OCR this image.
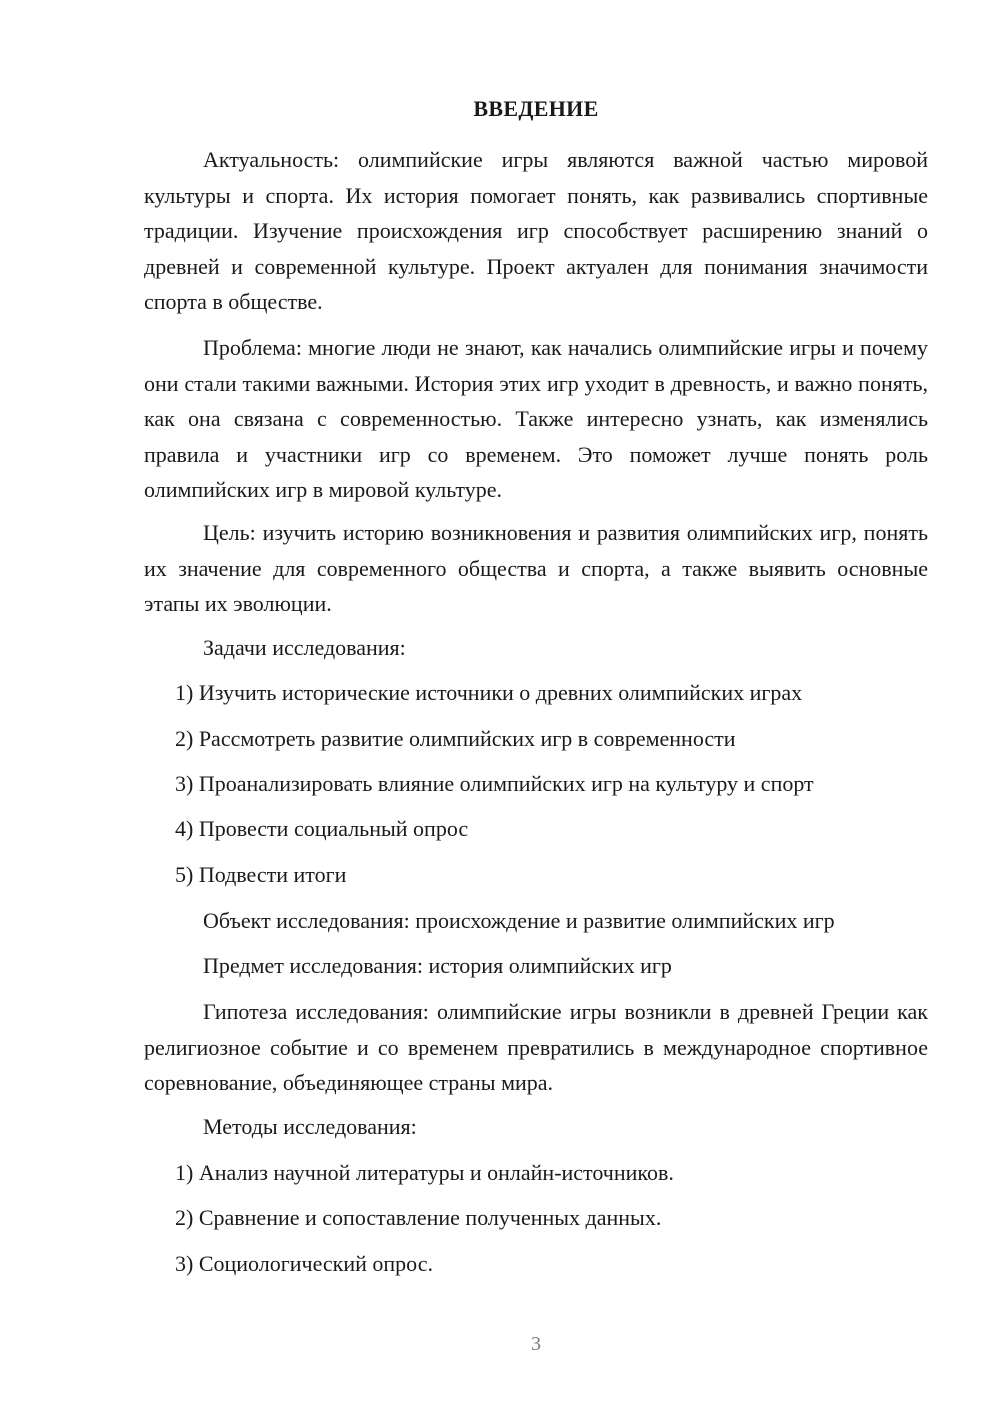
ВВЕДЕНИЕ

Актуальность: олимпийские игры являются важной частью мировой культуры и спорта. Их история помогает понять, как развивались спортивные традиции. Изучение происхождения игр способствует расширению знаний о древней и современной культуре. Проект актуален для понимания значимости спорта в обществе.

Проблема: многие люди не знают, как начались олимпийские игры и почему они стали такими важными. История этих игр уходит в древность, и важно понять, как она связана с современностью. Также интересно узнать, как изменялись правила и участники игр со временем. Это поможет лучше понять роль олимпийских игр в мировой культуре.

Цель: изучить историю возникновения и развития олимпийских игр, понять их значение для современного общества и спорта, а также выявить основные этапы их эволюции.

Задачи исследования:
1) Изучить исторические источники о древних олимпийских играх
2) Рассмотреть развитие олимпийских игр в современности
3) Проанализировать влияние олимпийских игр на культуру и спорт
4) Провести социальный опрос
5) Подвести итоги
Объект исследования: происхождение и развитие олимпийских игр
Предмет исследования: история олимпийских игр

Гипотеза исследования: олимпийские игры возникли в древней Греции как религиозное событие и со временем превратились в международное спортивное соревнование, объединяющее страны мира.

Методы исследования:
1) Анализ научной литературы и онлайн-источников.
2) Сравнение и сопоставление полученных данных.
3) Социологический опрос.
3
